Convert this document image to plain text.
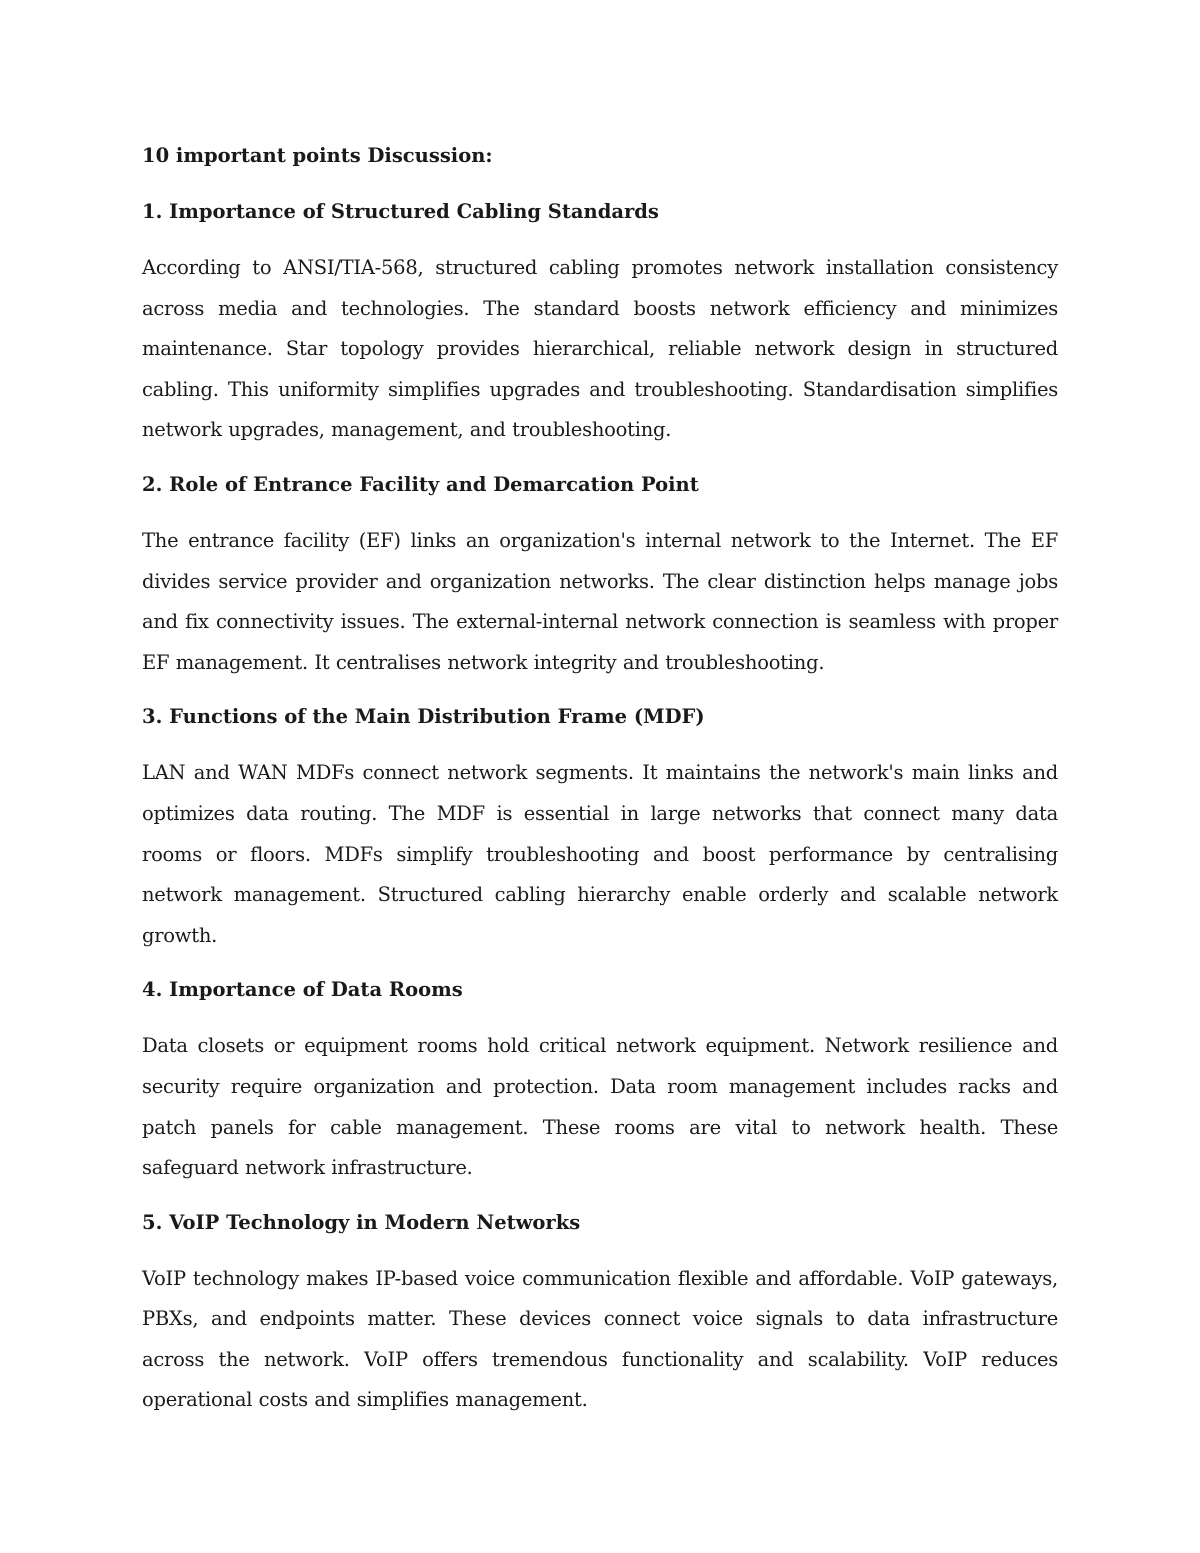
10 important points Discussion:
1. Importance of Structured Cabling Standards

According to ANSI/TIA-568, structured cabling promotes network installation consistency across media and technologies. The standard boosts network efficiency and minimizes maintenance. Star topology provides hierarchical, reliable network design in structured cabling. This uniformity simplifies upgrades and troubleshooting. Standardisation simplifies network upgrades, management, and troubleshooting.

2. Role of Entrance Facility and Demarcation Point

The entrance facility (EF) links an organization's internal network to the Internet. The EF divides service provider and organization networks. The clear distinction helps manage jobs and fix connectivity issues. The external-internal network connection is seamless with proper EF management. It centralises network integrity and troubleshooting.

3. Functions of the Main Distribution Frame (MDF)

LAN and WAN MDFs connect network segments. It maintains the network's main links and optimizes data routing. The MDF is essential in large networks that connect many data rooms or floors. MDFs simplify troubleshooting and boost performance by centralising network management. Structured cabling hierarchy enable orderly and scalable network growth.

4. Importance of Data Rooms

Data closets or equipment rooms hold critical network equipment. Network resilience and security require organization and protection. Data room management includes racks and patch panels for cable management. These rooms are vital to network health. These safeguard network infrastructure.

5. VoIP Technology in Modern Networks

VoIP technology makes IP-based voice communication flexible and affordable. VoIP gateways, PBXs, and endpoints matter. These devices connect voice signals to data infrastructure across the network. VoIP offers tremendous functionality and scalability. VoIP reduces operational costs and simplifies management.
